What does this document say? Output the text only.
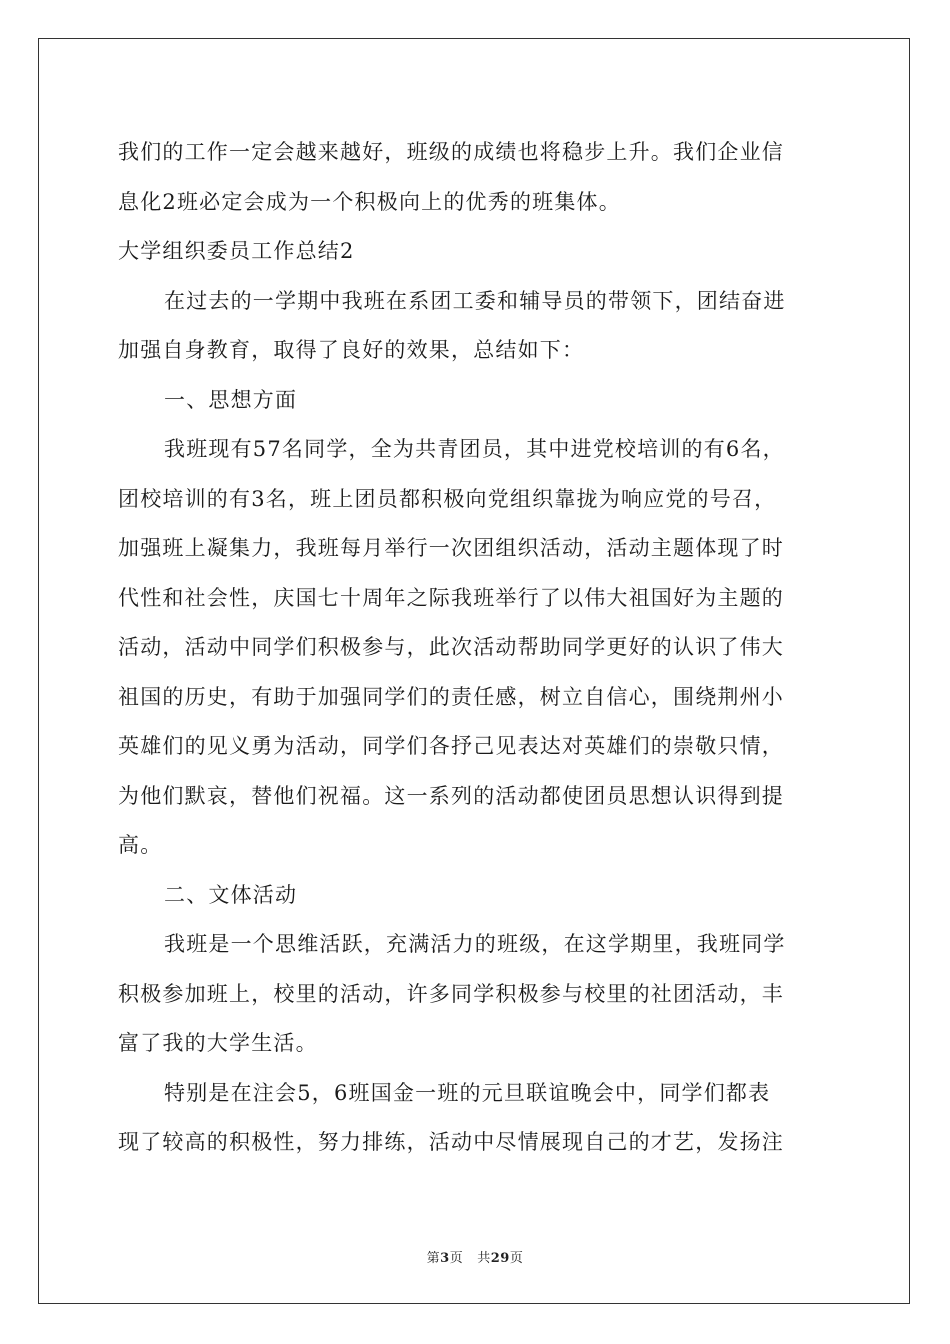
我们的工作一定会越来越好，班级的成绩也将稳步上升。我们企业信
息化2班必定会成为一个积极向上的优秀的班集体。
大学组织委员工作总结2
在过去的一学期中我班在系团工委和辅导员的带领下，团结奋进
加强自身教育，取得了良好的效果，总结如下：
一、思想方面
我班现有57名同学，全为共青团员，其中进党校培训的有6名，
团校培训的有3名，班上团员都积极向党组织靠拢为响应党的号召，
加强班上凝集力，我班每月举行一次团组织活动，活动主题体现了时
代性和社会性，庆国七十周年之际我班举行了以伟大祖国好为主题的
活动，活动中同学们积极参与，此次活动帮助同学更好的认识了伟大
祖国的历史，有助于加强同学们的责任感，树立自信心，围绕荆州小
英雄们的见义勇为活动，同学们各抒己见表达对英雄们的崇敬只情，
为他们默哀，替他们祝福。这一系列的活动都使团员思想认识得到提
高。
二、文体活动
我班是一个思维活跃，充满活力的班级，在这学期里，我班同学
积极参加班上，校里的活动，许多同学积极参与校里的社团活动，丰
富了我的大学生活。
特别是在注会5，6班国金一班的元旦联谊晚会中，同学们都表
现了较高的积极性，努力排练，活动中尽情展现自己的才艺，发扬注
第3页 共29页
